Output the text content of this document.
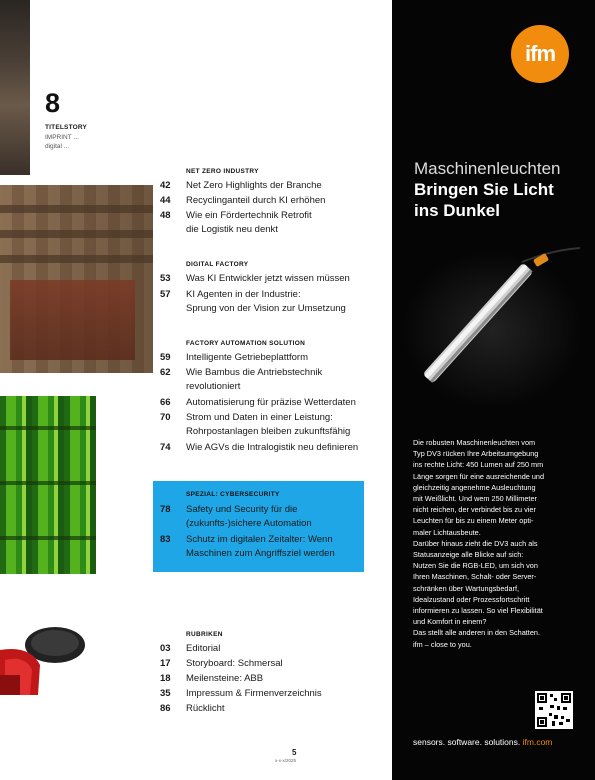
8
TITELSTORY
IMPRINT ...
digital ...
NET ZERO INDUSTRY
42	Net Zero Highlights der Branche
44	Recyclinganteil durch KI erhöhen
48	Wie ein Fördertechnik Retrofit
die Logistik neu denkt
DIGITAL FACTORY
53	Was KI Entwickler jetzt wissen müssen
57	KI Agenten in der Industrie:
Sprung von der Vision zur Umsetzung
FACTORY AUTOMATION SOLUTION
59	Intelligente Getriebeplattform
62	Wie Bambus die Antriebstechnik
revolutioniert
66	Automatisierung für präzise Wetterdaten
70	Strom und Daten in einer Leistung:
Rohrpostanlagen bleiben zukunftsfähig
74	Wie AGVs die Intralogistik neu definieren
SPEZIAL: CYBERSECURITY
78	Safety und Security für die
(zukunfts-)sichere Automation
83	Schutz im digitalen Zeitalter: Wenn
Maschinen zum Angriffsziel werden
RUBRIKEN
03	Editorial
17	Storyboard: Schmersal
18	Meilensteine: ABB
35	Impressum & Firmenverzeichnis
86	Rücklicht
5
x-x-x/2025
ifm
Maschinenleuchten
Bringen Sie Licht
ins Dunkel

Die robusten Maschinenleuchten vom

Typ DV3 rücken Ihre Arbeitsumgebung

ins rechte Licht: 450 Lumen auf 250 mm

Länge sorgen für eine ausreichende und

gleichzeitig angenehme Ausleuchtung

mit Weißlicht. Und wem 250 Millimeter

nicht reichen, der verbindet bis zu vier

Leuchten für bis zu einem Meter opti-

maler Lichtausbeute.

Darüber hinaus zieht die DV3 auch als

Statusanzeige alle Blicke auf sich:

Nutzen Sie die RGB-LED, um sich von

Ihren Maschinen, Schalt- oder Server-

schränken über Wartungsbedarf,

Idealzustand oder Prozessfortschritt

informieren zu lassen. So viel Flexibilität

und Komfort in einem?

Das stellt alle anderen in den Schatten.

ifm – close to you.

sensors. software. solutions. ifm.com
